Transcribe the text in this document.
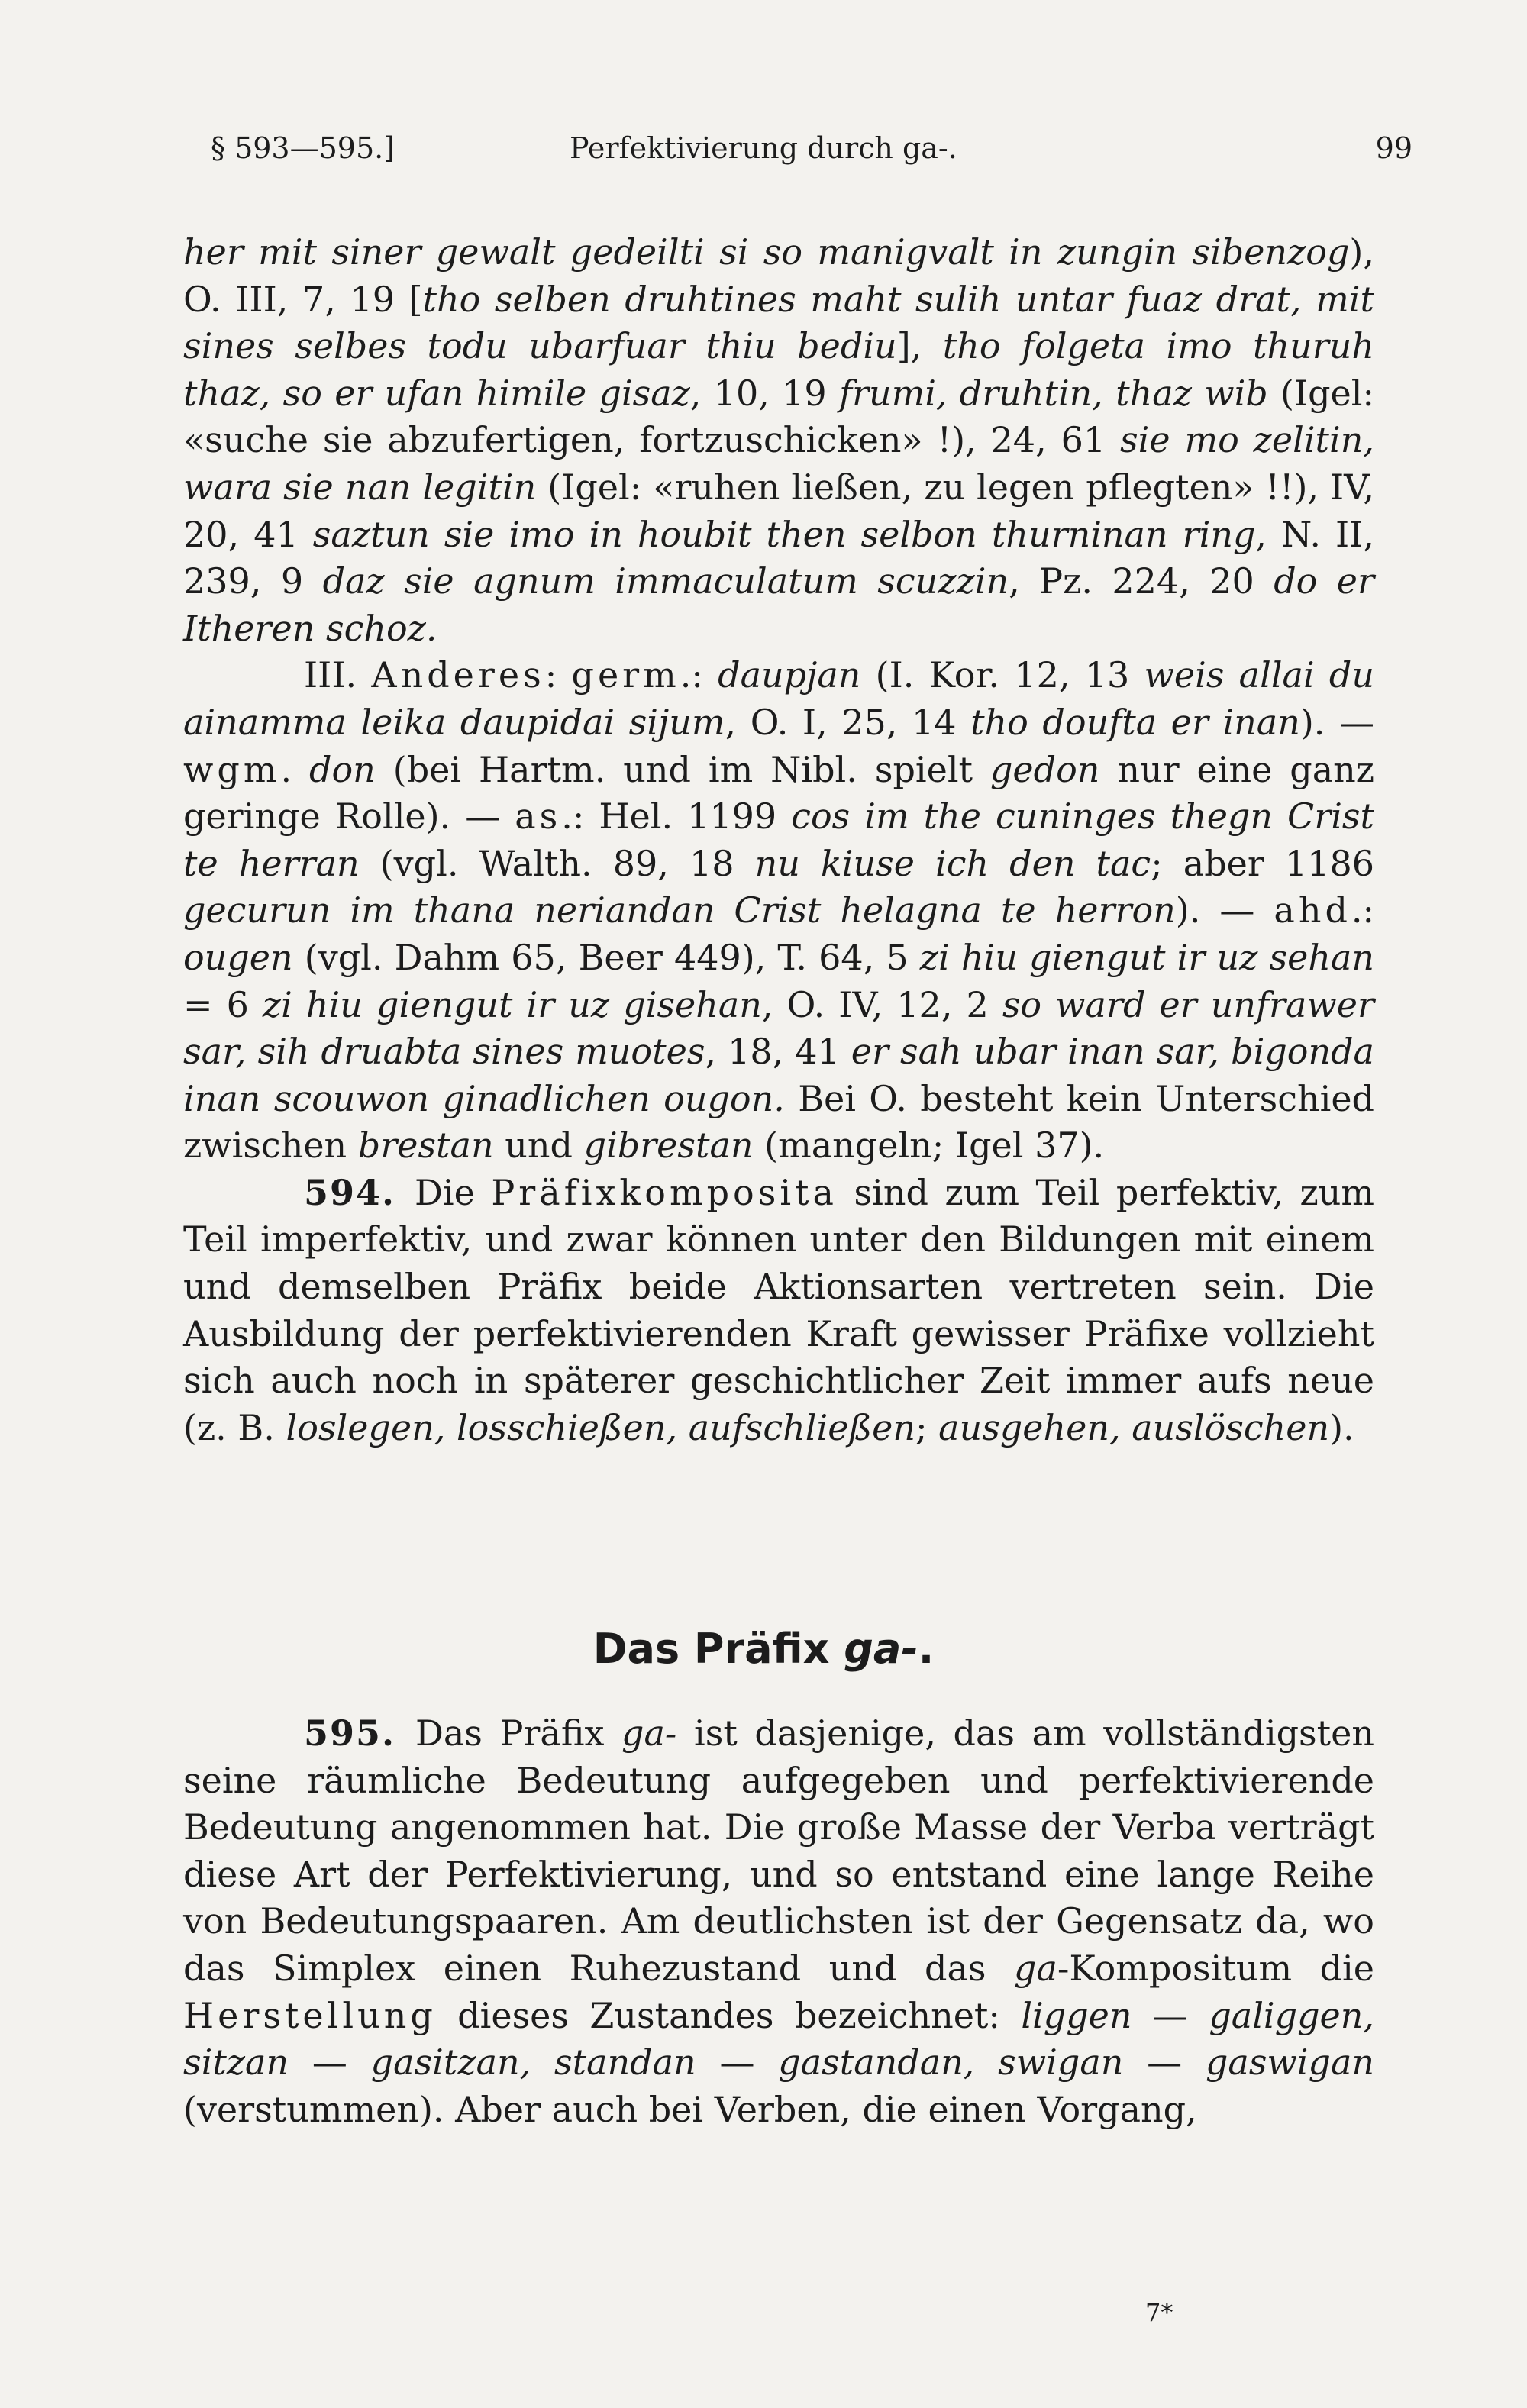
§ 593—595.]	Perfektivierung durch ga-.	99

her mit siner gewalt gedeilti si so manigvalt in zungin sibenzog), O. III, 7, 19 [tho selben druhtines maht sulih untar fuaz drat, mit sines selbes todu ubarfuar thiu bediu], tho folgeta imo thuruh thaz, so er ufan himile gisaz, 10, 19 frumi, druhtin, thaz wib (Igel: «suche sie abzufertigen, fortzuschicken» !), 24, 61 sie mo zelitin, wara sie nan legitin (Igel: «ruhen ließen, zu legen pflegten» !!), IV, 20, 41 saztun sie imo in houbit then selbon thurninan ring, N. II, 239, 9 daz sie agnum immaculatum scuzzin, Pz. 224, 20 do er Itheren schoz.

III. Anderes: germ.: daupjan (I. Kor. 12, 13 weis allai du ainamma leika daupidai sijum, O. I, 25, 14 tho doufta er inan). — wgm. don (bei Hartm. und im Nibl. spielt gedon nur eine ganz geringe Rolle). — as.: Hel. 1199 cos im the cuninges thegn Crist te herran (vgl. Walth. 89, 18 nu kiuse ich den tac; aber 1186 gecurun im thana neriandan Crist helagna te herron). — ahd.: ougen (vgl. Dahm 65, Beer 449), T. 64, 5 zi hiu giengut ir uz sehan = 6 zi hiu giengut ir uz gisehan, O. IV, 12, 2 so ward er unfrawer sar, sih druabta sines muotes, 18, 41 er sah ubar inan sar, bigonda inan scouwon ginadlichen ougon. Bei O. besteht kein Unterschied zwischen brestan und gibrestan (mangeln; Igel 37).

594. Die Präfixkomposita sind zum Teil perfektiv, zum Teil imperfektiv, und zwar können unter den Bildungen mit einem und demselben Präfix beide Aktionsarten vertreten sein. Die Ausbildung der perfektivierenden Kraft gewisser Präfixe vollzieht sich auch noch in späterer geschichtlicher Zeit immer aufs neue (z. B. loslegen, losschießen, aufschließen; ausgehen, auslöschen).

Das Präfix ga-.

595. Das Präfix ga- ist dasjenige, das am vollständigsten seine räumliche Bedeutung aufgegeben und perfektivierende Bedeutung angenommen hat. Die große Masse der Verba verträgt diese Art der Perfektivierung, und so entstand eine lange Reihe von Bedeutungspaaren. Am deutlichsten ist der Gegensatz da, wo das Simplex einen Ruhezustand und das ga-Kompositum die Herstellung dieses Zustandes bezeichnet: liggen — galiggen, sitzan — gasitzan, standan — gastandan, swigan — gaswigan (verstummen). Aber auch bei Verben, die einen Vorgang,

7*
